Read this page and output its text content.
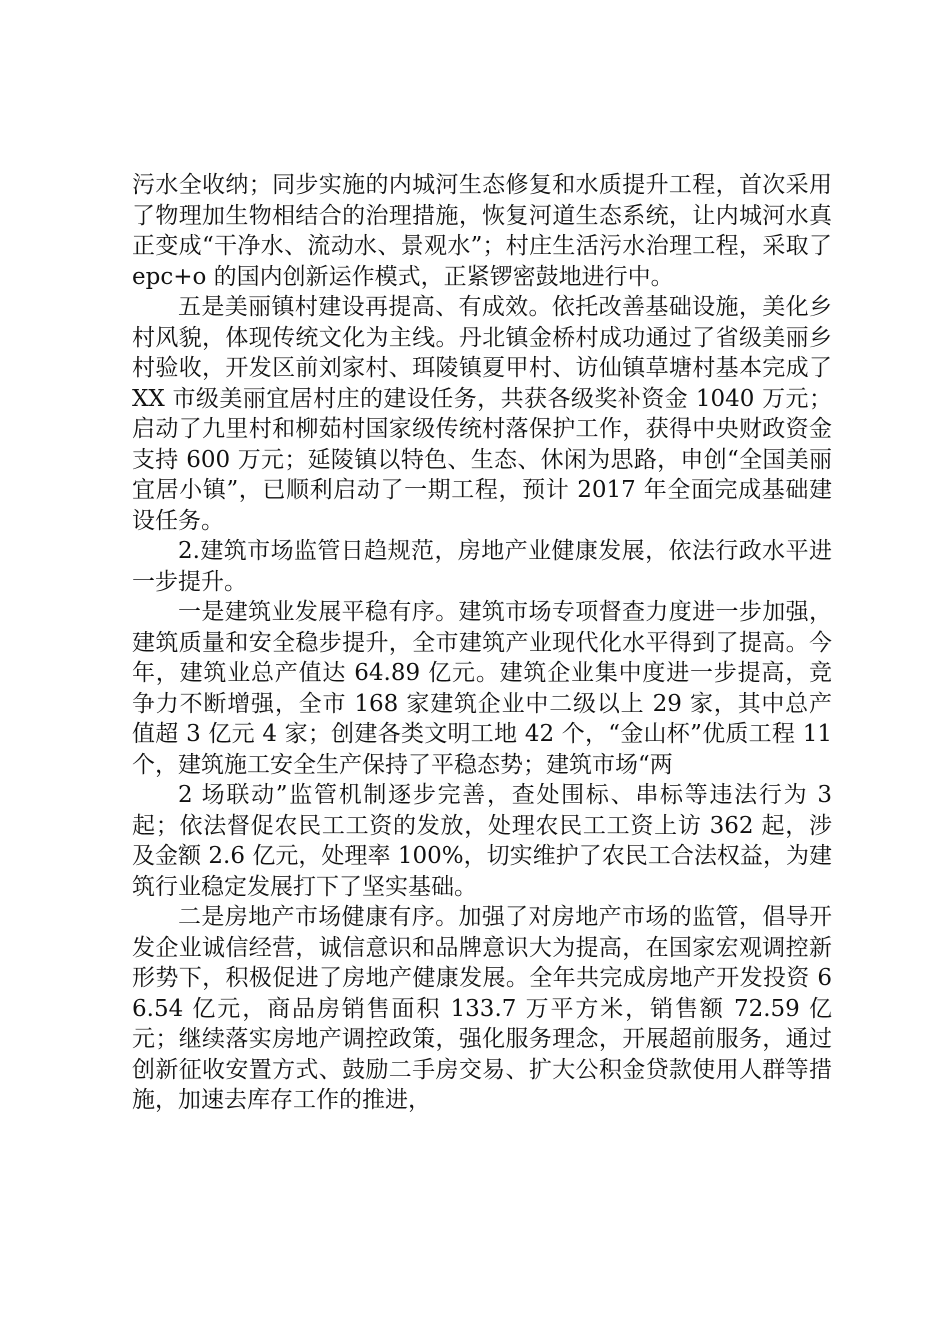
污水全收纳；同步实施的内城河生态修复和水质提升工程，首次采用了物理加生物相结合的治理措施，恢复河道生态系统，让内城河水真正变成“干净水、流动水、景观水”；村庄生活污水治理工程，采取了 epc+o 的国内创新运作模式，正紧锣密鼓地进行中。

五是美丽镇村建设再提高、有成效。依托改善基础设施，美化乡村风貌，体现传统文化为主线。丹北镇金桥村成功通过了省级美丽乡村验收，开发区前刘家村、珥陵镇夏甲村、访仙镇草塘村基本完成了 XX 市级美丽宜居村庄的建设任务，共获各级奖补资金 1040 万元；启动了九里村和柳茹村国家级传统村落保护工作，获得中央财政资金支持 600 万元；延陵镇以特色、生态、休闲为思路，申创“全国美丽宜居小镇”，已顺利启动了一期工程，预计 2017 年全面完成基础建设任务。

2.建筑市场监管日趋规范，房地产业健康发展，依法行政水平进一步提升。

一是建筑业发展平稳有序。建筑市场专项督查力度进一步加强，建筑质量和安全稳步提升，全市建筑产业现代化水平得到了提高。今年，建筑业总产值达 64.89 亿元。建筑企业集中度进一步提高，竞争力不断增强，全市 168 家建筑企业中二级以上 29 家，其中总产值超 3 亿元 4 家；创建各类文明工地 42 个，“金山杯”优质工程 11 个，建筑施工安全生产保持了平稳态势；建筑市场“两

2 场联动”监管机制逐步完善，查处围标、串标等违法行为 3 起；依法督促农民工工资的发放，处理农民工工资上访 362 起，涉及金额 2.6 亿元，处理率 100%，切实维护了农民工合法权益，为建筑行业稳定发展打下了坚实基础。

二是房地产市场健康有序。加强了对房地产市场的监管，倡导开发企业诚信经营，诚信意识和品牌意识大为提高，在国家宏观调控新形势下，积极促进了房地产健康发展。全年共完成房地产开发投资 66.54 亿元，商品房销售面积 133.7 万平方米，销售额 72.59 亿元；继续落实房地产调控政策，强化服务理念，开展超前服务，通过创新征收安置方式、鼓励二手房交易、扩大公积金贷款使用人群等措施，加速去库存工作的推进，
